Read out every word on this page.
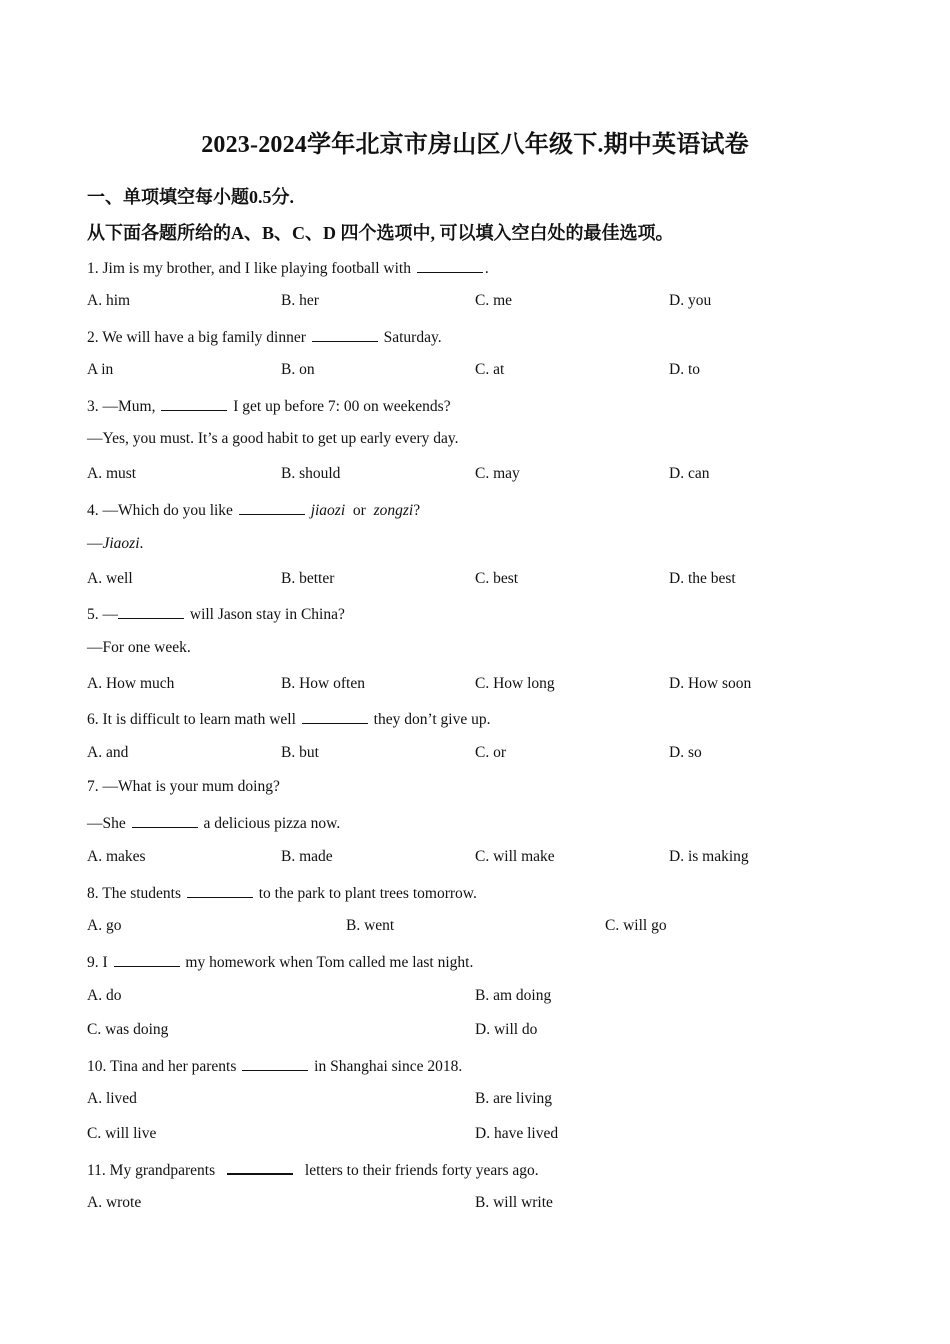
2023-2024学年北京市房山区八年级下.期中英语试卷
一、单项填空每小题0.5分.
从下面各题所给的A、B、C、D 四个选项中, 可以填入空白处的最佳选项。
1. Jim is my brother, and I like playing football with	.
A. him	B. her	C. me	D. you
2. We will have a big family dinner	Saturday.
A in	B. on	C. at	D. to
3. —Mum,	I get up before 7: 00 on weekends?
—Yes, you must. It’s a good habit to get up early every day.
A. must	B. should	C. may	D. can
4. —Which do you like	jiaozi  or  zongzi?
—Jiaozi.
A. well	B. better	C. best	D. the best
5. —	will Jason stay in China?
—For one week.
A. How much	B. How often	C. How long	D. How soon
6. It is difficult to learn math well	they don’t give up.
A. and	B. but	C. or	D. so
7. —What is your mum doing?
—She	a delicious pizza now.
A. makes	B. made	C. will make	D. is making
8. The students	to the park to plant trees tomorrow.
A. go	B. went	C. will go
9. I	my homework when Tom called me last night.
A. do	B. am doing
C. was doing	D. will do
10. Tina and her parents	in Shanghai since 2018.
A. lived	B. are living
C. will live	D. have lived
11. My grandparents	letters to their friends forty years ago.
A. wrote	B. will write
